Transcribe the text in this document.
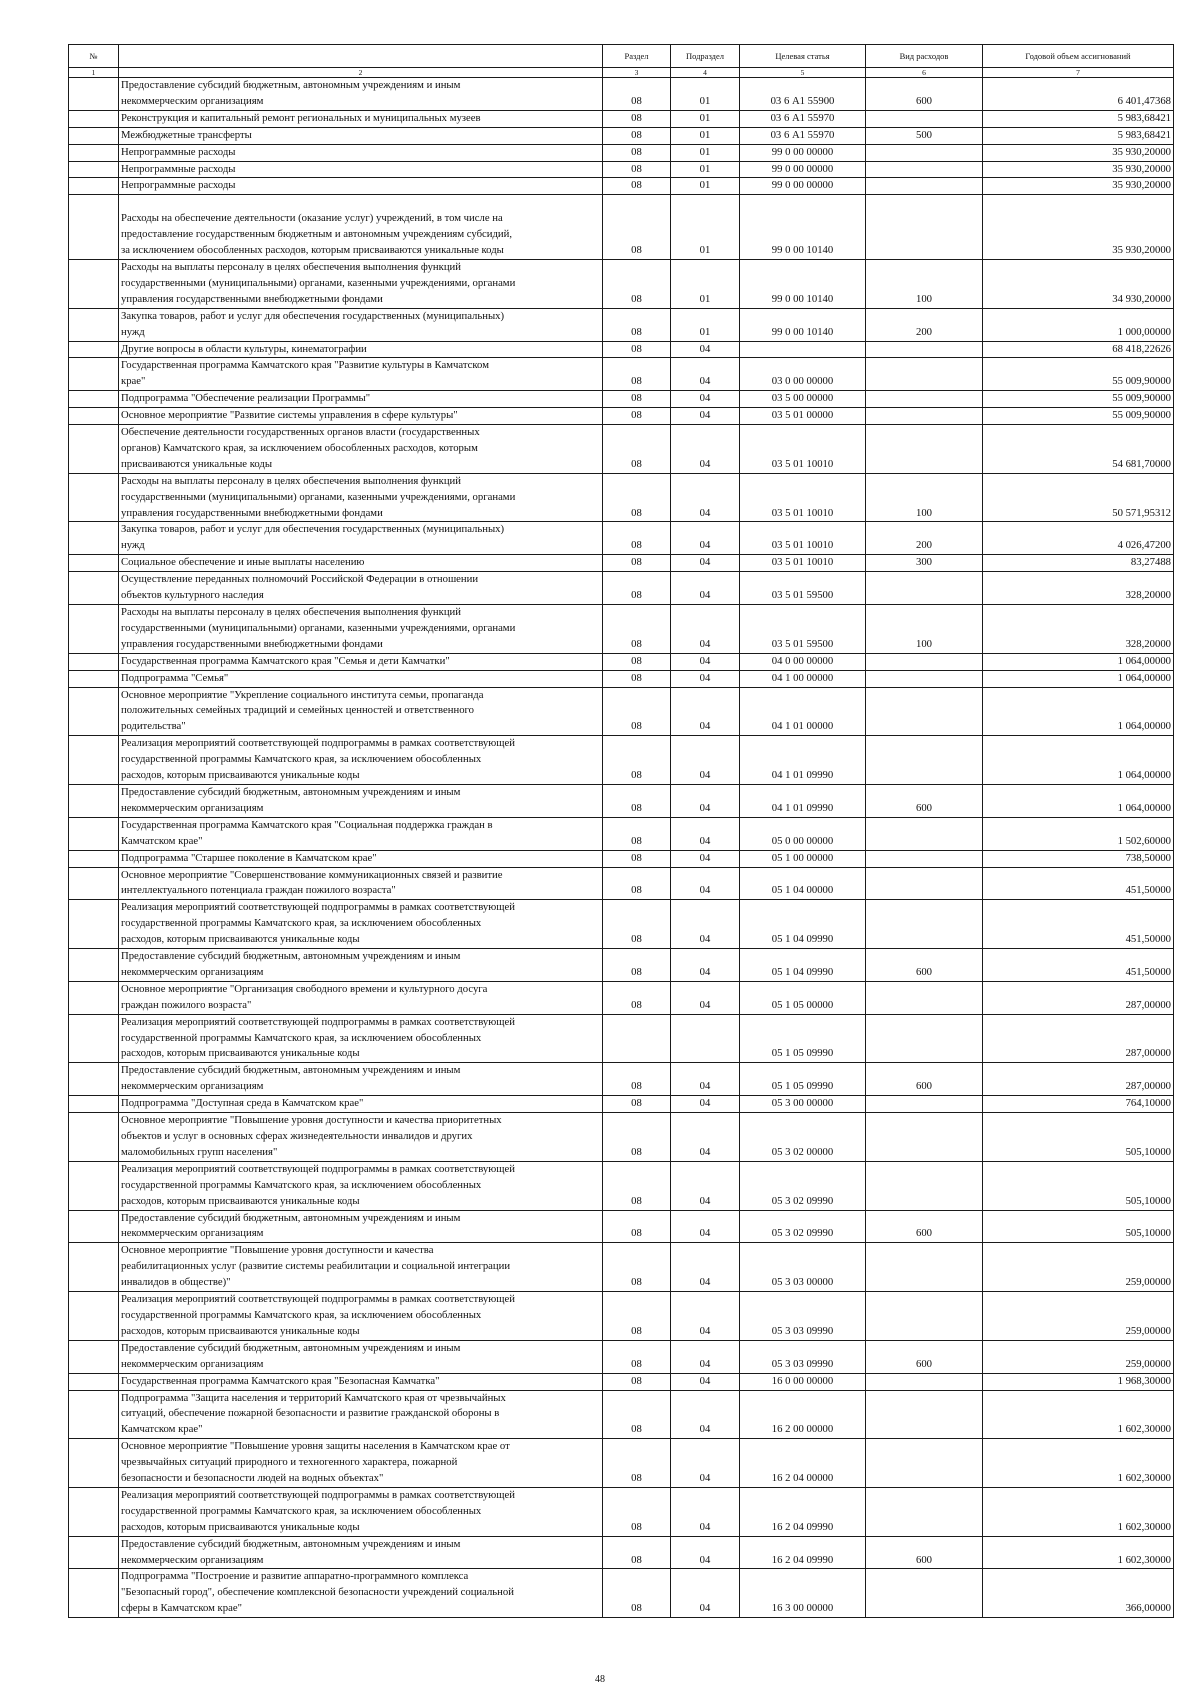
№		Раздел	Подраздел	Целевая статья	Вид расходов	Годовой объем ассигнований
1	2	3	4	5	6	7
	Предоставление субсидий бюджетным, автономным учреждениям и иным
некоммерческим организациям	08	01	03 6 А1 55900	600	6 401,47368
	Реконструкция и капитальный ремонт региональных и муниципальных музеев	08	01	03 6 А1 55970		5 983,68421
	Межбюджетные трансферты	08	01	03 6 А1 55970	500	5 983,68421
	Непрограммные расходы	08	01	99 0 00 00000		35 930,20000
	Непрограммные расходы	08	01	99 0 00 00000		35 930,20000
	Непрограммные расходы	08	01	99 0 00 00000		35 930,20000

Расходы на обеспечение деятельности (оказание услуг) учреждений, в том числе на
предоставление государственным бюджетным и автономным учреждениям субсидий,
за исключением обособленных расходов, которым присваиваются уникальные коды	08	01	99 0 00 10140		35 930,20000
	Расходы на выплаты персоналу в целях обеспечения выполнения функций
государственными (муниципальными) органами, казенными учреждениями, органами
управления государственными внебюджетными фондами	08	01	99 0 00 10140	100	34 930,20000
	Закупка товаров, работ и услуг для обеспечения государственных (муниципальных)
нужд	08	01	99 0 00 10140	200	1 000,00000
	Другие вопросы в области культуры, кинематографии	08	04			68 418,22626
	Государственная программа Камчатского края "Развитие культуры в Камчатском
крае"	08	04	03 0 00 00000		55 009,90000
	Подпрограмма "Обеспечение реализации Программы"	08	04	03 5 00 00000		55 009,90000
	Основное мероприятие "Развитие системы управления в сфере культуры"	08	04	03 5 01 00000		55 009,90000
	Обеспечение деятельности государственных органов власти (государственных
органов) Камчатского края, за исключением обособленных расходов, которым
присваиваются уникальные коды	08	04	03 5 01 10010		54 681,70000
	Расходы на выплаты персоналу в целях обеспечения выполнения функций
государственными (муниципальными) органами, казенными учреждениями, органами
управления государственными внебюджетными фондами	08	04	03 5 01 10010	100	50 571,95312
	Закупка товаров, работ и услуг для обеспечения государственных (муниципальных)
нужд	08	04	03 5 01 10010	200	4 026,47200
	Социальное обеспечение и иные выплаты населению	08	04	03 5 01 10010	300	83,27488
	Осуществление переданных полномочий Российской Федерации в отношении
объектов культурного наследия	08	04	03 5 01 59500		328,20000
	Расходы на выплаты персоналу в целях обеспечения выполнения функций
государственными (муниципальными) органами, казенными учреждениями, органами
управления государственными внебюджетными фондами	08	04	03 5 01 59500	100	328,20000
	Государственная программа Камчатского края "Семья и дети Камчатки"	08	04	04 0 00 00000		1 064,00000
	Подпрограмма "Семья"	08	04	04 1 00 00000		1 064,00000
	Основное мероприятие "Укрепление социального института семьи, пропаганда
положительных семейных традиций и семейных ценностей и ответственного
родительства"	08	04	04 1 01 00000		1 064,00000
	Реализация мероприятий соответствующей подпрограммы в рамках соответствующей
государственной программы Камчатского края, за исключением обособленных
расходов, которым присваиваются уникальные коды	08	04	04 1 01 09990		1 064,00000
	Предоставление субсидий бюджетным, автономным учреждениям и иным
некоммерческим организациям	08	04	04 1 01 09990	600	1 064,00000
	Государственная программа Камчатского края "Социальная поддержка граждан в
Камчатском крае"	08	04	05 0 00 00000		1 502,60000
	Подпрограмма "Старшее поколение в Камчатском крае"	08	04	05 1 00 00000		738,50000
	Основное мероприятие "Совершенствование коммуникационных связей и развитие
интеллектуального потенциала граждан пожилого возраста"	08	04	05 1 04 00000		451,50000
	Реализация мероприятий соответствующей подпрограммы в рамках соответствующей
государственной программы Камчатского края, за исключением обособленных
расходов, которым присваиваются уникальные коды	08	04	05 1 04 09990		451,50000
	Предоставление субсидий бюджетным, автономным учреждениям и иным
некоммерческим организациям	08	04	05 1 04 09990	600	451,50000
	Основное мероприятие "Организация свободного времени и культурного досуга
граждан пожилого возраста"	08	04	05 1 05 00000		287,00000
	Реализация мероприятий соответствующей подпрограммы в рамках соответствующей
государственной программы Камчатского края, за исключением обособленных
расходов, которым присваиваются уникальные коды			05 1 05 09990		287,00000
	Предоставление субсидий бюджетным, автономным учреждениям и иным
некоммерческим организациям	08	04	05 1 05 09990	600	287,00000
	Подпрограмма "Доступная среда в Камчатском крае"	08	04	05 3 00 00000		764,10000
	Основное мероприятие "Повышение уровня доступности и качества приоритетных
объектов и услуг в основных сферах жизнедеятельности инвалидов и других
маломобильных групп населения"	08	04	05 3 02 00000		505,10000
	Реализация мероприятий соответствующей подпрограммы в рамках соответствующей
государственной программы Камчатского края, за исключением обособленных
расходов, которым присваиваются уникальные коды	08	04	05 3 02 09990		505,10000
	Предоставление субсидий бюджетным, автономным учреждениям и иным
некоммерческим организациям	08	04	05 3 02 09990	600	505,10000
	Основное мероприятие "Повышение уровня доступности и качества
реабилитационных услуг (развитие системы реабилитации и социальной интеграции
инвалидов в обществе)"	08	04	05 3 03 00000		259,00000
	Реализация мероприятий соответствующей подпрограммы в рамках соответствующей
государственной программы Камчатского края, за исключением обособленных
расходов, которым присваиваются уникальные коды	08	04	05 3 03 09990		259,00000
	Предоставление субсидий бюджетным, автономным учреждениям и иным
некоммерческим организациям	08	04	05 3 03 09990	600	259,00000
	Государственная программа Камчатского края "Безопасная Камчатка"	08	04	16 0 00 00000		1 968,30000
	Подпрограмма "Защита населения и территорий Камчатского края от чрезвычайных
ситуаций, обеспечение пожарной безопасности и развитие гражданской обороны в
Камчатском крае"	08	04	16 2 00 00000		1 602,30000
	Основное мероприятие "Повышение уровня защиты населения в Камчатском крае от
чрезвычайных ситуаций природного и техногенного характера, пожарной
безопасности и безопасности людей на водных объектах"	08	04	16 2 04 00000		1 602,30000
	Реализация мероприятий соответствующей подпрограммы в рамках соответствующей
государственной программы Камчатского края, за исключением обособленных
расходов, которым присваиваются уникальные коды	08	04	16 2 04 09990		1 602,30000
	Предоставление субсидий бюджетным, автономным учреждениям и иным
некоммерческим организациям	08	04	16 2 04 09990	600	1 602,30000
	Подпрограмма "Построение и развитие аппаратно-программного комплекса
"Безопасный город", обеспечение комплексной безопасности учреждений социальной
сферы в Камчатском крае"	08	04	16 3 00 00000		366,00000
48
